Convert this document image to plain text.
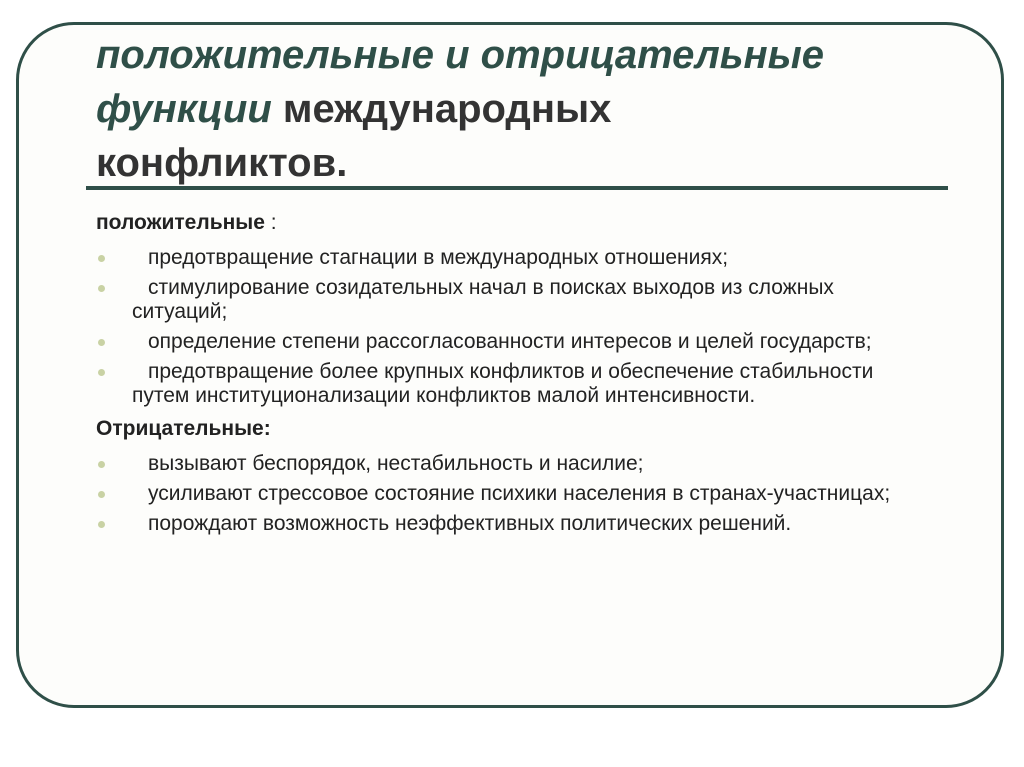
положительные и отрицательные
функции международных
конфликтов.

положительные :

предотвращение стагнации в международных отношениях;
стимулирование созидательных начал в поисках выходов из сложных ситуаций;
определение степени рассогласованности интересов и целей государств;
предотвращение более крупных конфликтов и обеспечение стабильности путем институционализации конфликтов малой интенсивности.

Отрицательные:

вызывают беспорядок, нестабильность и насилие;
усиливают стрессовое состояние психики населения в странах-участницах;
порождают возможность неэффективных политических решений.
